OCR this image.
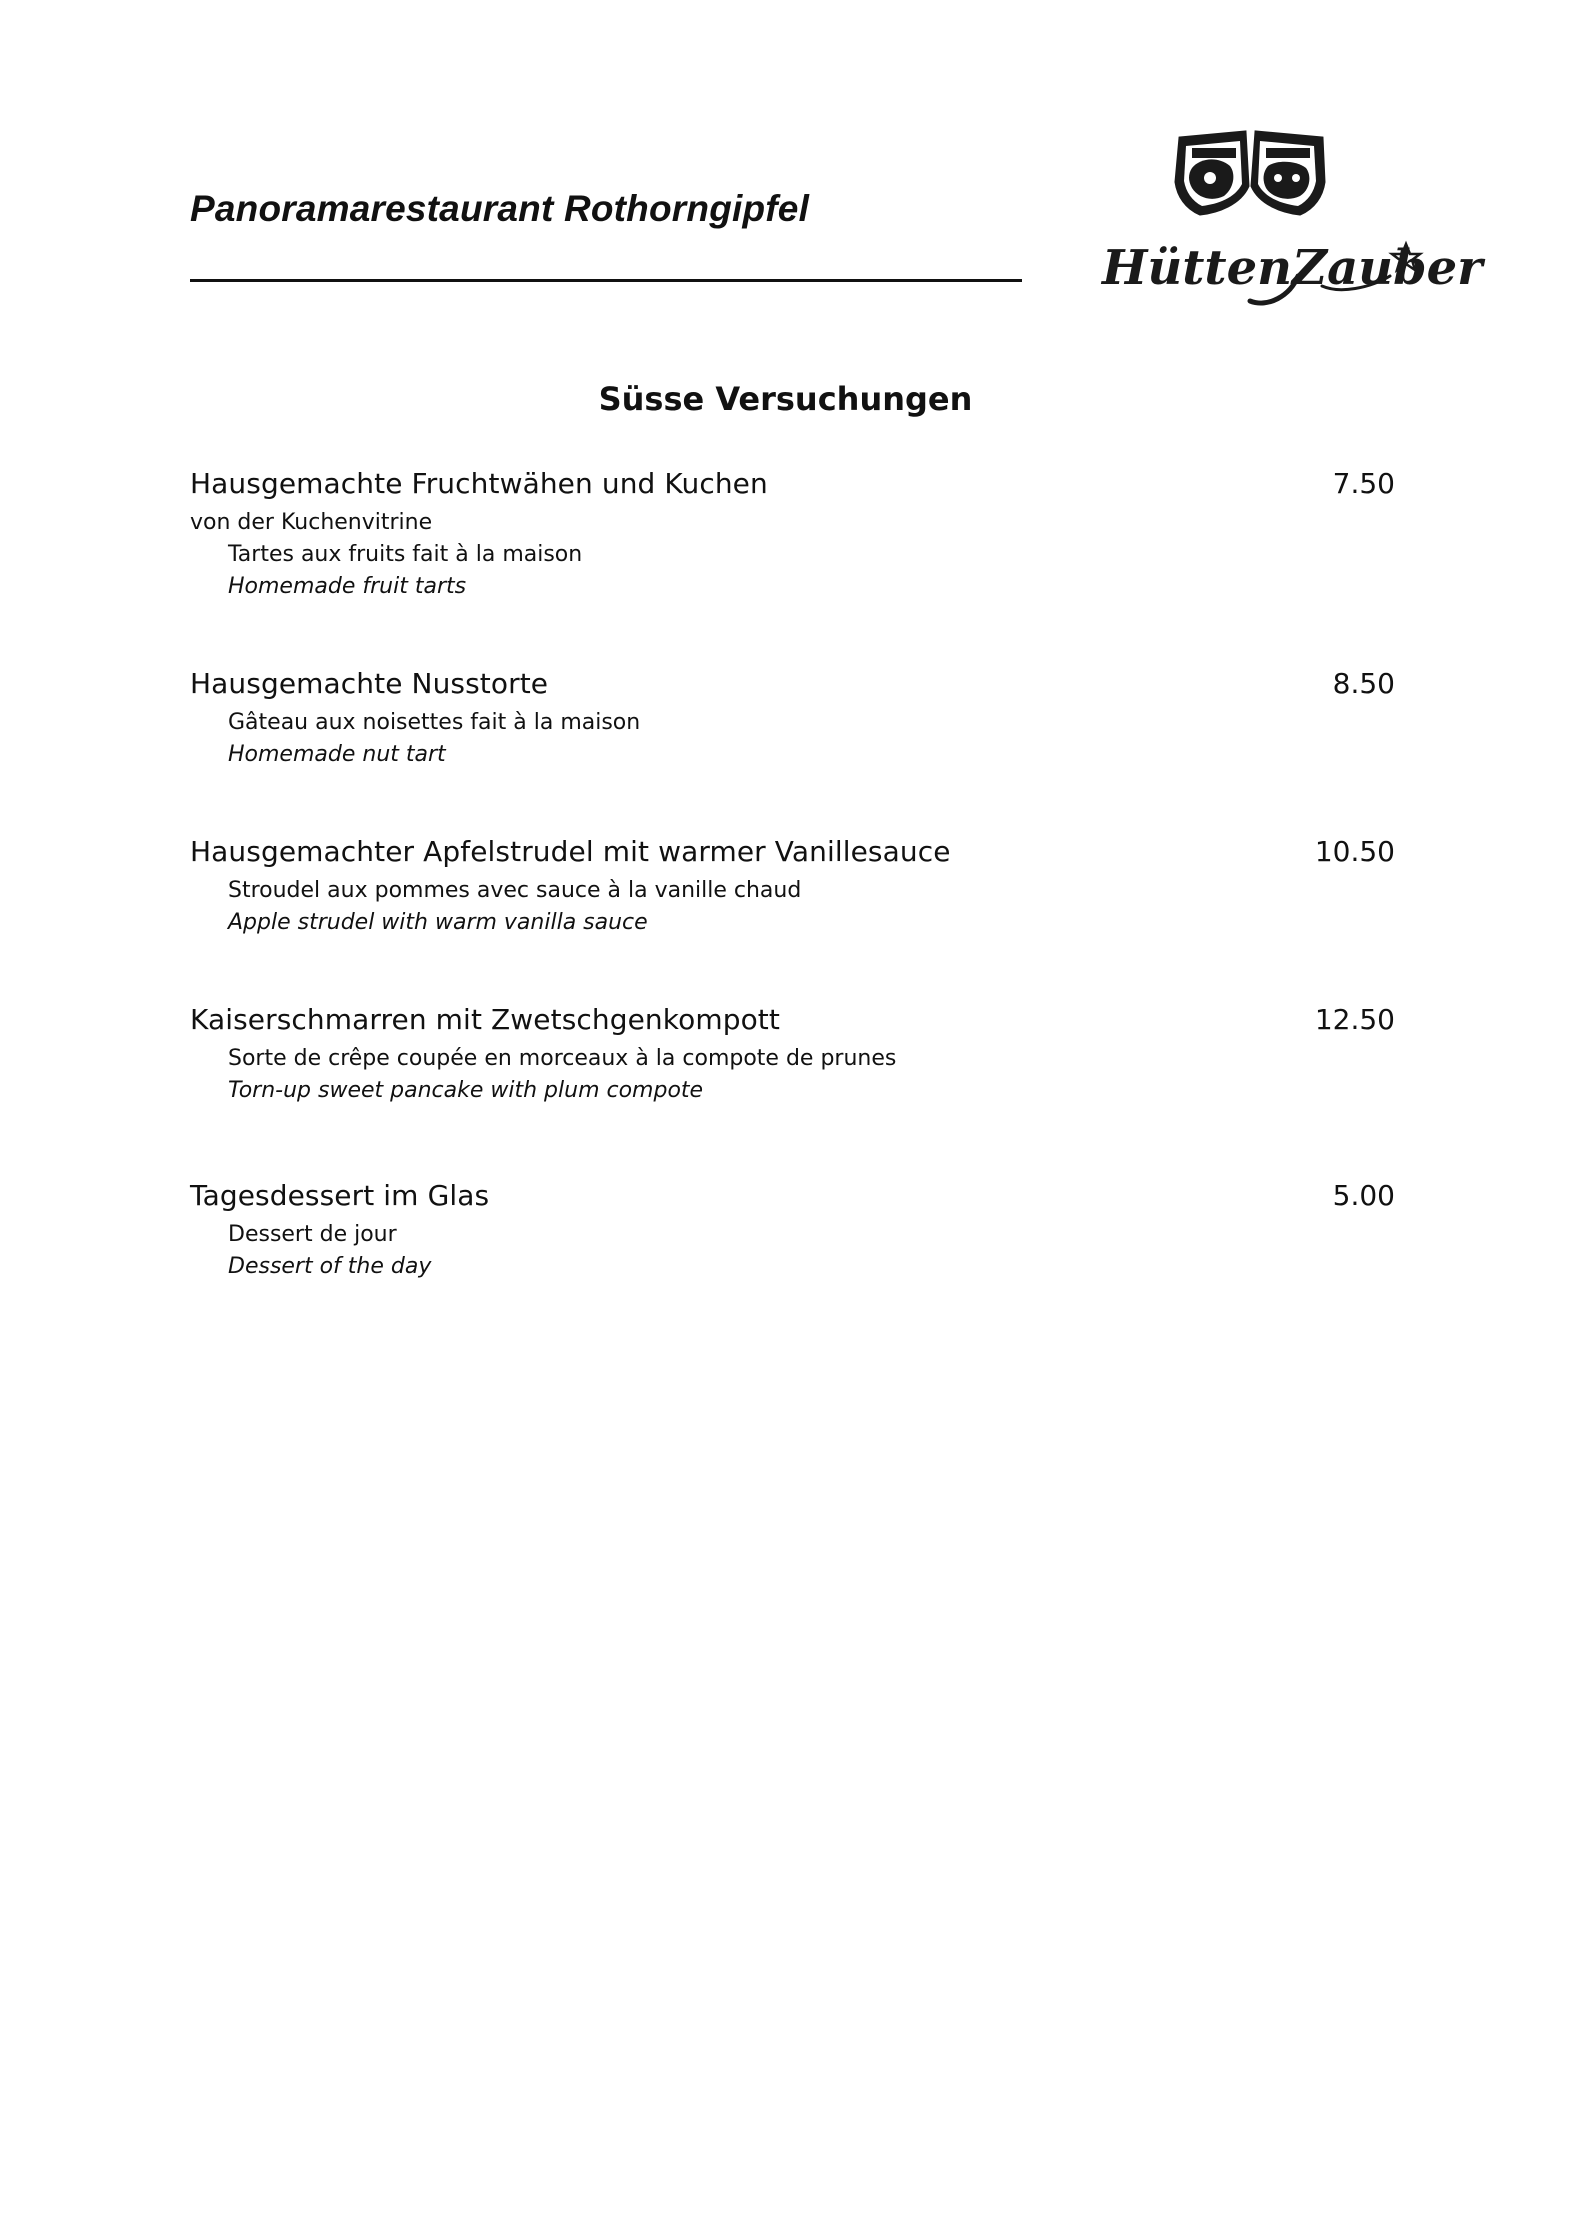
Panoramarestaurant Rothorngipfel
HüttenZauber
Süsse Versuchungen
Hausgemachte Fruchtwähen und Kuchen	7.50
von der Kuchenvitrine
Tartes aux fruits fait à la maison
Homemade fruit tarts
Hausgemachte Nusstorte	8.50
Gâteau aux noisettes fait à la maison
Homemade nut tart
Hausgemachter Apfelstrudel mit warmer Vanillesauce	10.50
Stroudel aux pommes avec sauce à la vanille chaud
Apple strudel with warm vanilla sauce
Kaiserschmarren mit Zwetschgenkompott	12.50
Sorte de crêpe coupée en morceaux à la compote de prunes
Torn-up sweet pancake with plum compote
Tagesdessert im Glas	5.00
Dessert de jour
Dessert of the day
